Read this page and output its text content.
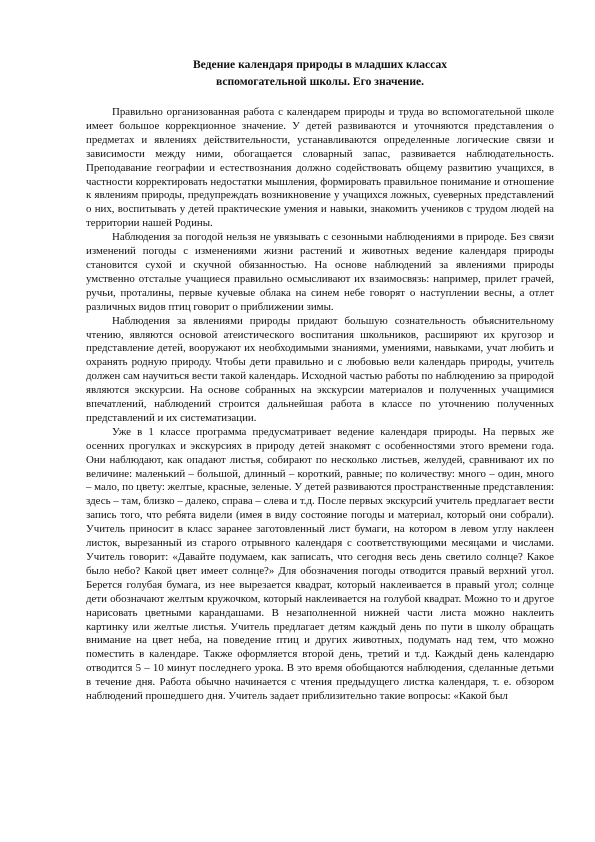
Ведение календаря природы в младших классах
вспомогательной школы. Его значение.

Правильно организованная работа с календарем природы и труда во вспомогательной школе имеет большое коррекционное значение. У детей развиваются и уточняются представления о предметах и явлениях действительности, устанавливаются определенные логические связи и зависимости между ними, обогащается словарный запас, развивается наблюдательность. Преподавание географии и естествознания должно содействовать общему развитию учащихся, в частности корректировать недостатки мышления, формировать правильное понимание и отношение к явлениям природы, предупреждать возникновение у учащихся ложных, суеверных представлений о них, воспитывать у детей практические умения и навыки, знакомить учеников с трудом людей на территории нашей Родины.

Наблюдения за погодой нельзя не увязывать с сезонными наблюдениями в природе. Без связи изменений погоды с изменениями жизни растений и животных ведение календаря природы становится сухой и скучной обязанностью. На основе наблюдений за явлениями природы умственно отсталые учащиеся правильно осмысливают их взаимосвязь: например, прилет грачей, ручьи, проталины, первые кучевые облака на синем небе говорят о наступлении весны, а отлет различных видов птиц говорит о приближении зимы.

Наблюдения за явлениями природы придают большую сознательность объяснительному чтению, являются основой атеистического воспитания школьников, расширяют их кругозор и представление детей, вооружают их необходимыми знаниями, умениями, навыками, учат любить и охранять родную природу. Чтобы дети правильно и с любовью вели календарь природы, учитель должен сам научиться вести такой календарь. Исходной частью работы по наблюдению за природой являются экскурсии. На основе собранных на экскурсии материалов и полученных учащимися впечатлений, наблюдений строится дальнейшая работа в классе по уточнению полученных представлений и их систематизации.

Уже в 1 классе программа предусматривает ведение календаря природы. На первых же осенних прогулках и экскурсиях в природу детей знакомят с особенностями этого времени года. Они наблюдают, как опадают листья, собирают по несколько листьев, желудей, сравнивают их по величине: маленький – большой, длинный – короткий, равные; по количеству: много – один, много – мало, по цвету: желтые, красные, зеленые. У детей развиваются пространственные представления: здесь – там, близко – далеко, справа – слева и т.д. После первых экскурсий учитель предлагает вести запись того, что ребята видели (имея в виду состояние погоды и материал, который они собрали). Учитель приносит в класс заранее заготовленный лист бумаги, на котором в левом углу наклеен листок, вырезанный из старого отрывного календаря с соответствующими месяцами и числами. Учитель говорит: «Давайте подумаем, как записать, что сегодня весь день светило солнце? Какое было небо? Какой цвет имеет солнце?» Для обозначения погоды отводится правый верхний угол. Берется голубая бумага, из нее вырезается квадрат, который наклеивается в правый угол; солнце дети обозначают желтым кружочком, который наклеивается на голубой квадрат. Можно то и другое нарисовать цветными карандашами. В незаполненной нижней части листа можно наклеить картинку или желтые листья. Учитель предлагает детям каждый день по пути в школу обращать внимание на цвет неба, на поведение птиц и других животных, подумать над тем, что можно поместить в календаре. Также оформляется второй день, третий и т.д. Каждый день календарю отводится 5 – 10 минут последнего урока. В это время обобщаются наблюдения, сделанные детьми в течение дня. Работа обычно начинается с чтения предыдущего листка календаря, т. е. обзором наблюдений прошедшего дня. Учитель задает приблизительно такие вопросы: «Какой был
